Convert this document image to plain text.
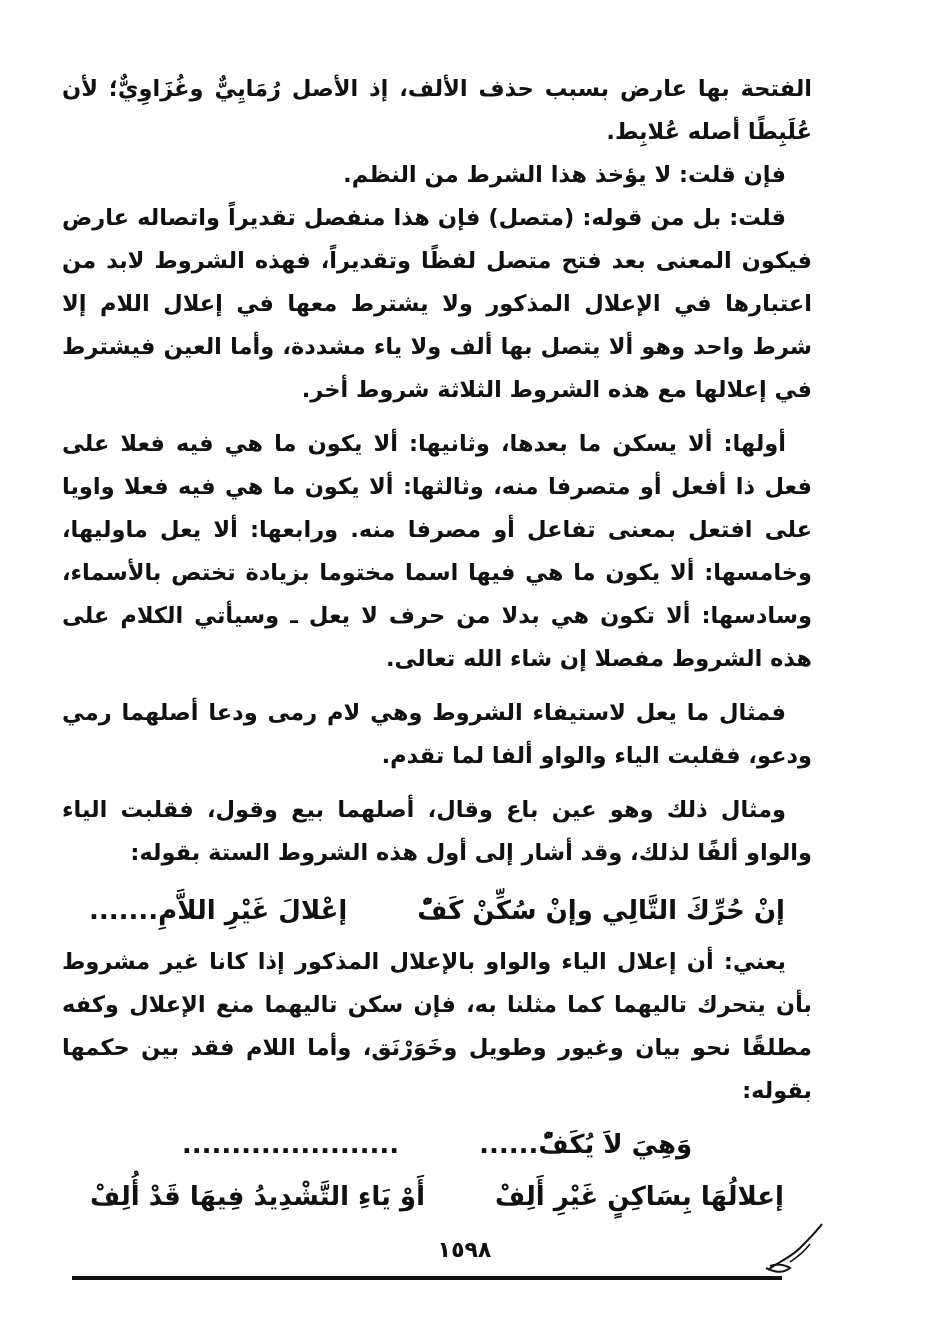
الفتحة بها عارض بسبب حذف الألف، إذ الأصل رُمَايِيٌّ وغُزَاوِيٌّ؛ لأن عُلَبِطًا أصله عُلابِط.

فإن قلت: لا يؤخذ هذا الشرط من النظم.

قلت: بل من قوله: (متصل) فإن هذا منفصل تقديراً واتصاله عارض فيكون المعنى بعد فتح متصل لفظًا وتقديراً، فهذه الشروط لابد من اعتبارها في الإعلال المذكور ولا يشترط معها في إعلال اللام إلا شرط واحد وهو ألا يتصل بها ألف ولا ياء مشددة، وأما العين فيشترط في إعلالها مع هذه الشروط الثلاثة شروط أخر.

أولها: ألا يسكن ما بعدها، وثانيها: ألا يكون ما هي فيه فعلا على فعل ذا أفعل أو متصرفا منه، وثالثها: ألا يكون ما هي فيه فعلا واويا على افتعل بمعنى تفاعل أو مصرفا منه. ورابعها: ألا يعل ماوليها، وخامسها: ألا يكون ما هي فيها اسما مختوما بزيادة تختص بالأسماء، وسادسها: ألا تكون هي بدلا من حرف لا يعل ـ وسيأتي الكلام على هذه الشروط مفصلا إن شاء الله تعالى.

فمثال ما يعل لاستيفاء الشروط وهي لام رمى ودعا أصلهما رمي ودعو، فقلبت الياء والواو ألفا لما تقدم.

ومثال ذلك وهو عين باع وقال، أصلهما بيع وقول، فقلبت الياء والواو ألفًا لذلك، وقد أشار إلى أول هذه الشروط الستة بقوله:

إنْ حُرِّكَ التَّالِي وإنْ سُكِّنْ كَفّْ
إعْلالَ غَيْرِ اللاَّمِ.......

يعني: أن إعلال الياء والواو بالإعلال المذكور إذا كانا غير مشروط بأن يتحرك تاليهما كما مثلنا به، فإن سكن تاليهما منع الإعلال وكفه مطلقًا نحو بيان وغيور وطويل وخَوَرْنَق، وأما اللام فقد بين حكمها بقوله:

وَهِيَ لاَ يُكَفّْ......
......................
إعلالُهَا بِسَاكِنٍ غَيْرِ أَلِفْ
أَوْ يَاءِ التَّشْدِيدُ فِيهَا قَدْ أُلِفْ
١٥٩٨
